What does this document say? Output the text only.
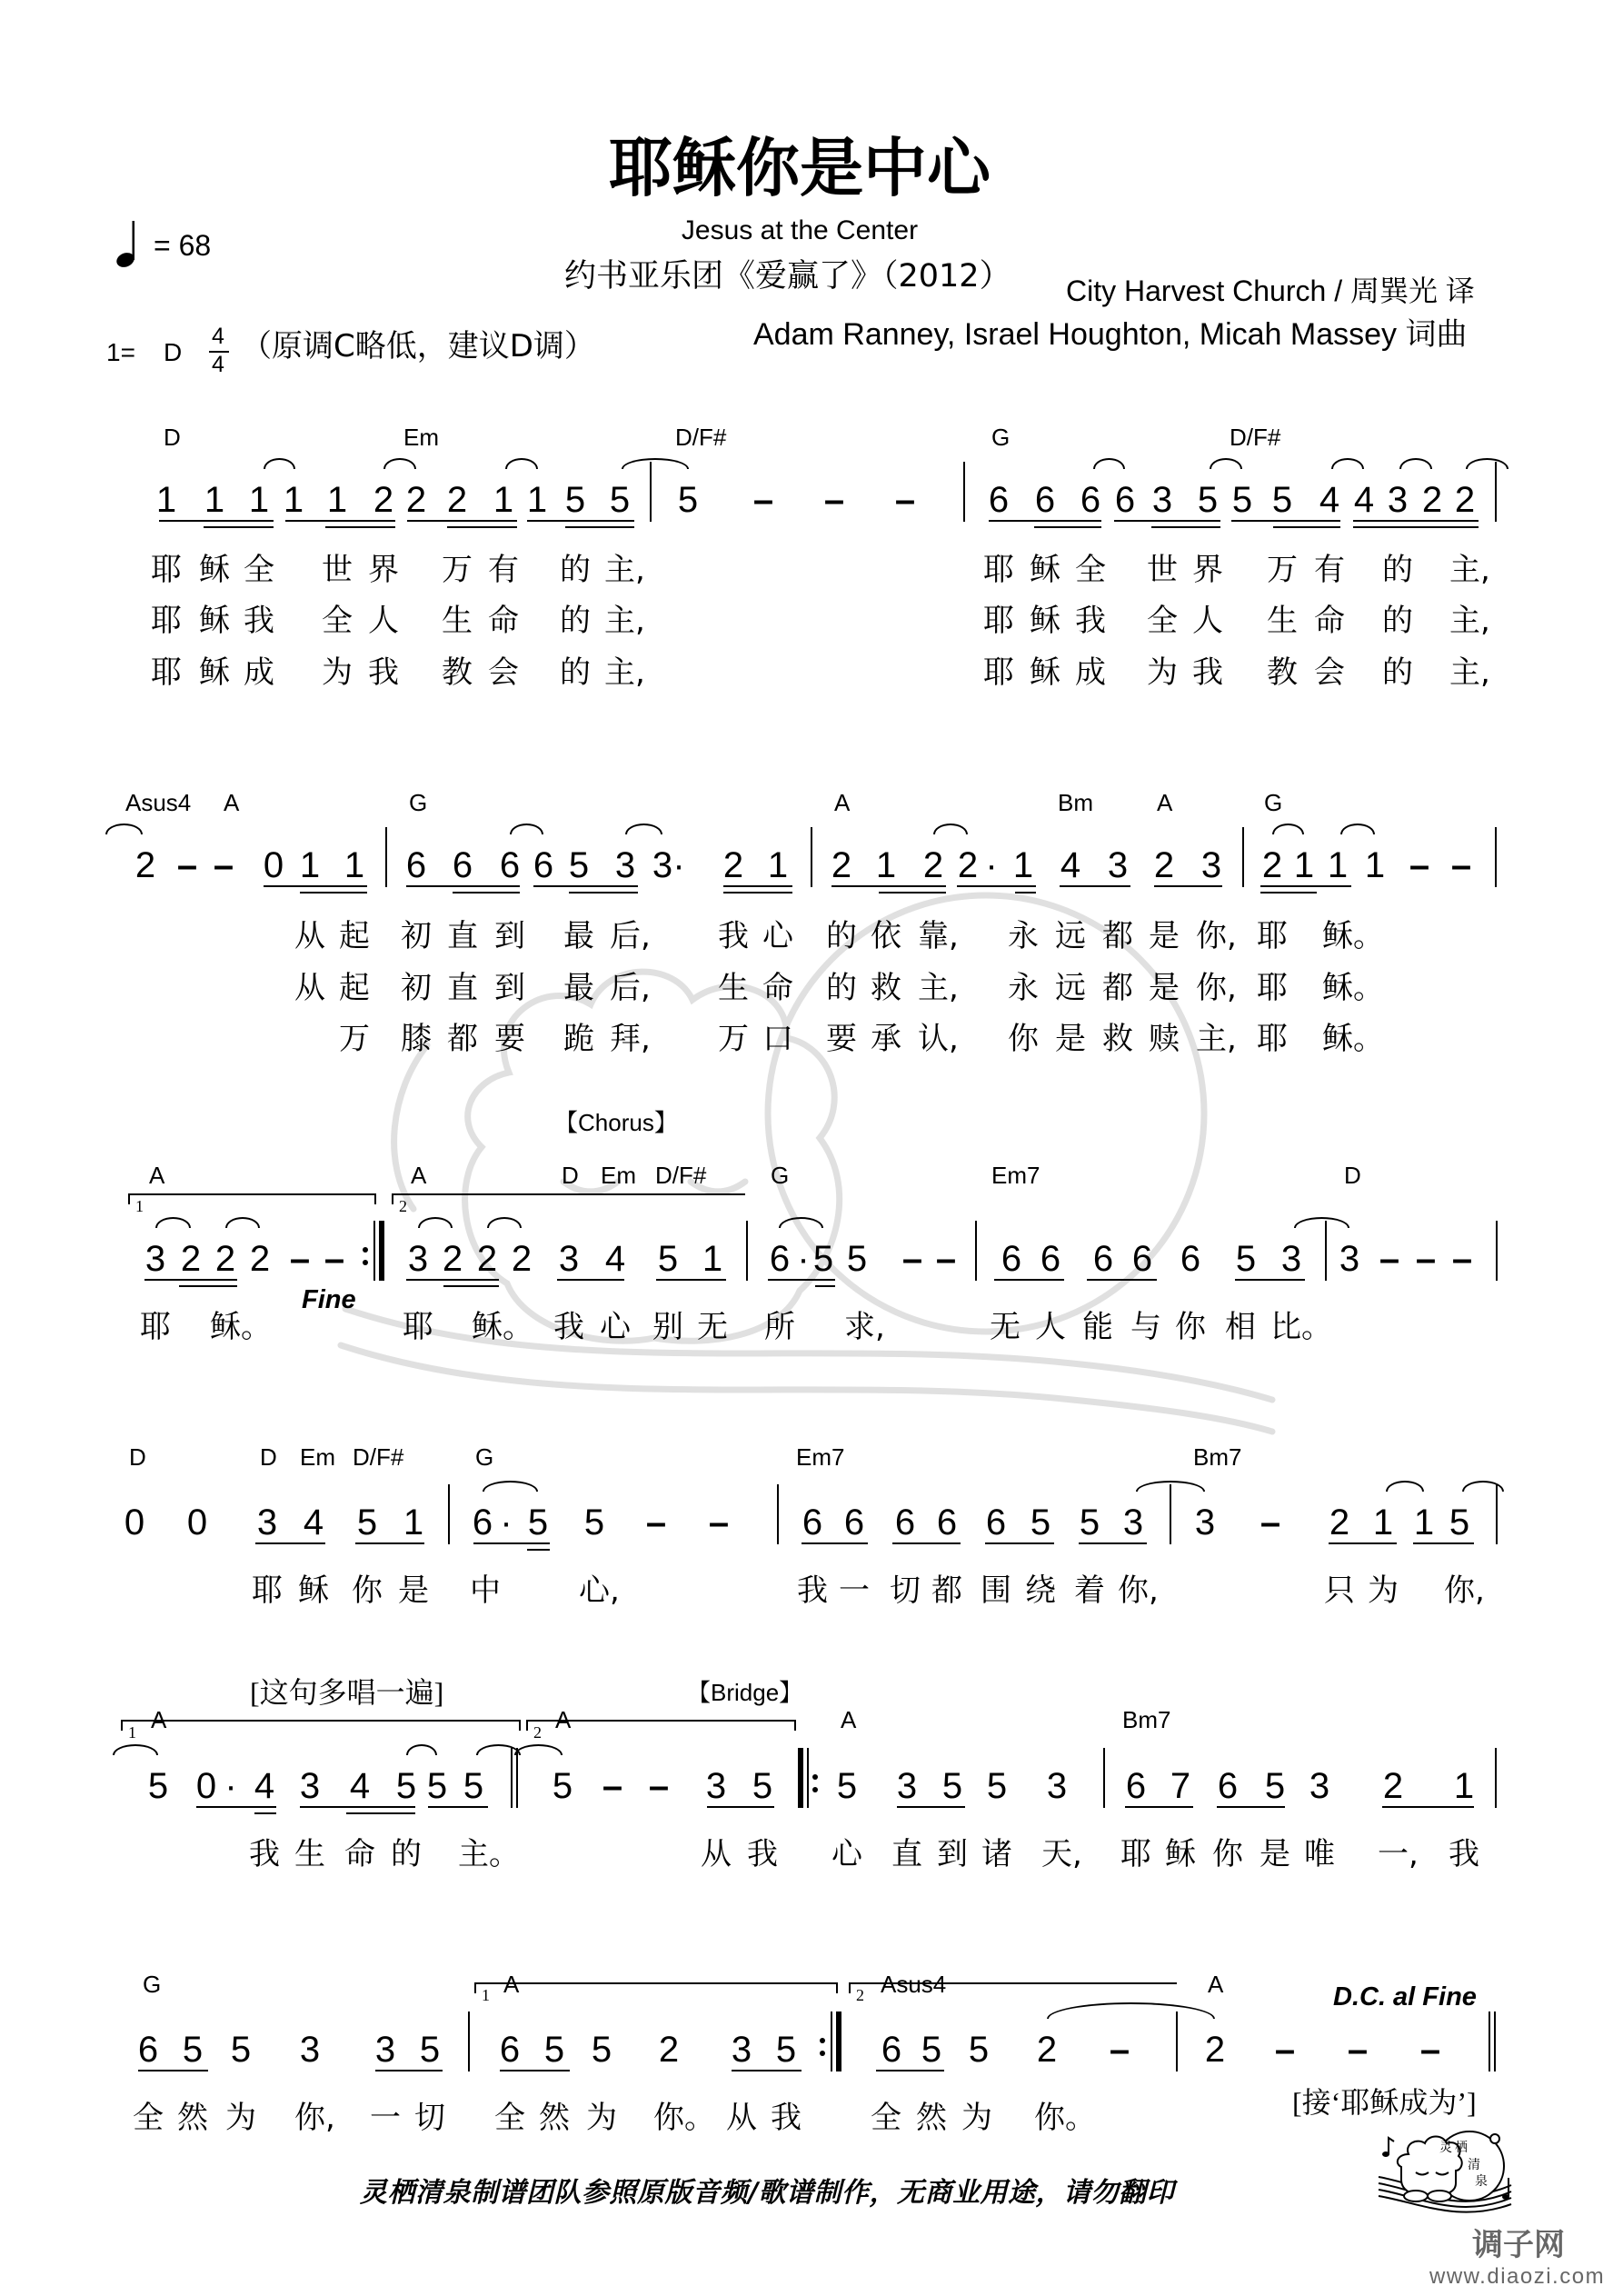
耶稣你是中心
Jesus at the Center
约书亚乐团《爱赢了》（2012） City Harvest Church / 周巽光 译
Adam Ranney, Israel Houghton, Micah Massey 词曲
= 68
1= D
4
4 （原调C略低，建议D调）
D	Em	D/F#	G	D/F#
1 1 1 1 1 2 2 2 1 1 5 5 5 – – – 6 6 6 6 3 5 5 5 4 4 3 2 2
耶 稣 全 世 界 万 有 的 主,	耶 稣 全 世 界 万 有 的 主,
耶 稣 我 全 人 生 命 的 主,	耶 稣 我 全 人 生 命 的 主,
耶 稣 成 为 我 教 会 的 主,	耶 稣 成 为 我 教 会 的 主,
Asus4 A	G	A	Bm	A	G
2 – – 0 1 1 6 6 6 6 5 3 3 · 2 1 2 1 2 2 · 1 4 3 2 3 2 1 1 1 – –
从 起 初 直 到 最 后, 我 心 的 依 靠, 永 远 都 是 你, 耶 稣。
从 起 初 直 到 最 后, 生 命 的 救 主, 永 远 都 是 你, 耶 稣。
万 膝 都 要 跪 拜, 万 口 要 承 认, 你 是 救 赎 主, 耶 稣。
【Chorus】
Fine
1	2
A	A	D Em D/F#	G	Em7	D
3 2 2 2 – – 3 2 2 2 3 4 5 1 6 · 5 5 – – 6 6 6 6 6 5 3 3 – – –
耶 稣。	耶 稣。 我 心 别 无 所 求,	无 人 能 与 你 相 比。
D	D Em D/F#	G	Em7	Bm7
0 0 3 4 5 1 6 · 5 5 – – 6 6 6 6 6 5 5 3 3 – 2 1 1 5
耶 稣 你 是 中	心,	我 一 切 都 围 绕 着 你,	只 为 你,
[这句多唱一遍]	【Bridge】
1	2
A	A	A	Bm7
5 0 · 4 3 4 5 5 5 5 – – 3 5 5 3 5 5 3 6 7 6 5 3 2 1
我 生 命 的 主。	从 我 心 直 到 诸 天, 耶 稣 你 是 唯 一, 我
D.C. al Fine
[接‘耶稣成为’]
1	2
G	A	Asus4	A
6 5 5 3 3 5 6 5 5 2 3 5 6 5 5 2 – 2 – – –
全 然 为 你, 一 切 全 然 为 你。 从 我 全 然 为 你。
灵栖清泉制谱团队参照原版音频/歌谱制作，无商业用途，请勿翻印
灵 栖
清
泉
调子网
www.diaozi.com
